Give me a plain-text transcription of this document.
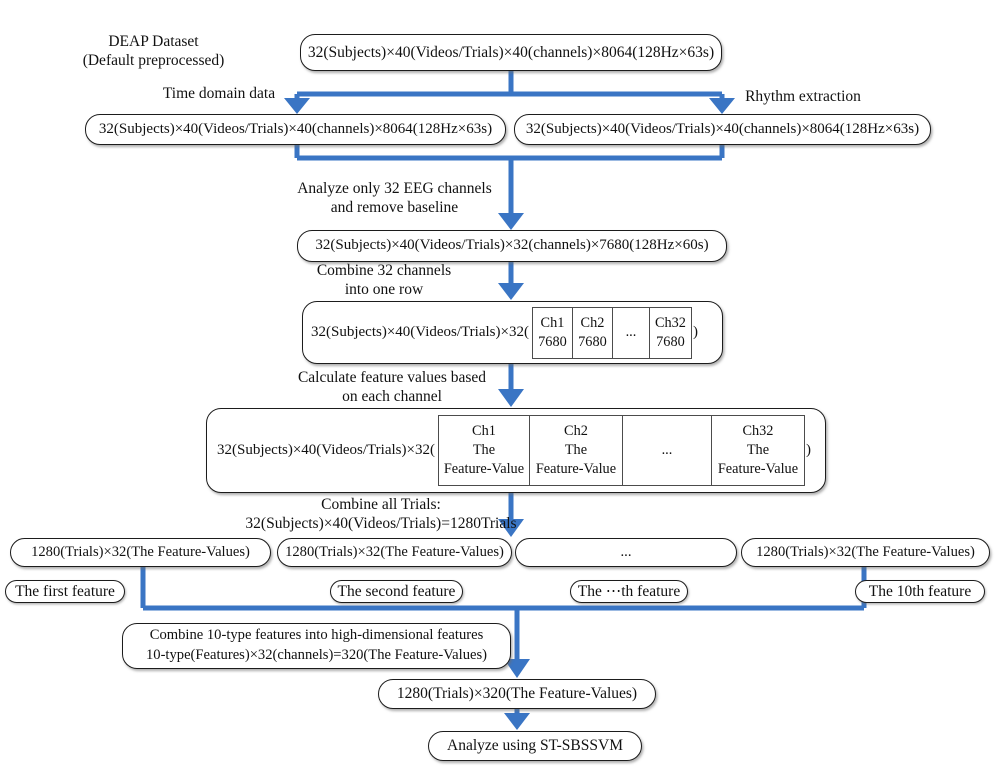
DEAP Dataset
(Default preprocessed)
Time domain data	Rhythm extraction
Analyze only 32 EEG channels
and remove baseline
Combine 32 channels
into one row
Calculate feature values based
on each channel
Combine all Trials:
32(Subjects)×40(Videos/Trials)=1280Trials
32(Subjects)×40(Videos/Trials)×40(channels)×8064(128Hz×63s)
32(Subjects)×40(Videos/Trials)×40(channels)×8064(128Hz×63s)	32(Subjects)×40(Videos/Trials)×40(channels)×8064(128Hz×63s)
32(Subjects)×40(Videos/Trials)×32(channels)×7680(128Hz×60s)
32(Subjects)×40(Videos/Trials)×32(
Ch1
7680
Ch2
7680
...
Ch32
7680
)
32(Subjects)×40(Videos/Trials)×32(
Ch1
The
Feature-Value
Ch2
The
Feature-Value
...
Ch32
The
Feature-Value
)
1280(Trials)×32(The Feature-Values)	1280(Trials)×32(The Feature-Values)	...	1280(Trials)×32(The Feature-Values)
The first feature	The second feature	The ⋯th feature	The 10th feature
Combine 10-type features into high-dimensional features
10-type(Features)×32(channels)=320(The Feature-Values)
1280(Trials)×320(The Feature-Values)
Analyze using ST-SBSSVM
